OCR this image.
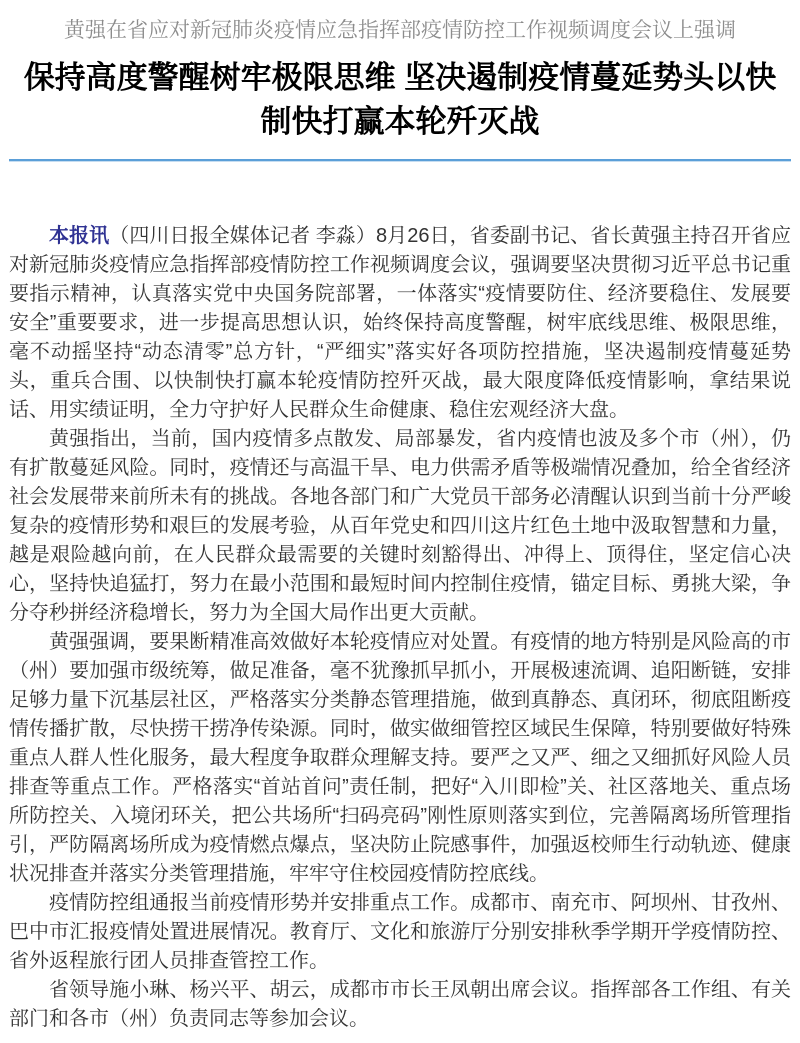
黄强在省应对新冠肺炎疫情应急指挥部疫情防控工作视频调度会议上强调
保持高度警醒树牢极限思维 坚决遏制疫情蔓延势头以快制快打赢本轮歼灭战

本报讯（四川日报全媒体记者 李淼）8月26日，省委副书记、省长黄强主持召开省应对新冠肺炎疫情应急指挥部疫情防控工作视频调度会议，强调要坚决贯彻习近平总书记重要指示精神，认真落实党中央国务院部署，一体落实“疫情要防住、经济要稳住、发展要安全”重要要求，进一步提高思想认识，始终保持高度警醒，树牢底线思维、极限思维，毫不动摇坚持“动态清零”总方针，“严细实”落实好各项防控措施，坚决遏制疫情蔓延势头，重兵合围、以快制快打赢本轮疫情防控歼灭战，最大限度降低疫情影响，拿结果说话、用实绩证明，全力守护好人民群众生命健康、稳住宏观经济大盘。

黄强指出，当前，国内疫情多点散发、局部暴发，省内疫情也波及多个市（州），仍有扩散蔓延风险。同时，疫情还与高温干旱、电力供需矛盾等极端情况叠加，给全省经济社会发展带来前所未有的挑战。各地各部门和广大党员干部务必清醒认识到当前十分严峻复杂的疫情形势和艰巨的发展考验，从百年党史和四川这片红色土地中汲取智慧和力量，越是艰险越向前，在人民群众最需要的关键时刻豁得出、冲得上、顶得住，坚定信心决心，坚持快追猛打，努力在最小范围和最短时间内控制住疫情，锚定目标、勇挑大梁，争分夺秒拼经济稳增长，努力为全国大局作出更大贡献。

黄强强调，要果断精准高效做好本轮疫情应对处置。有疫情的地方特别是风险高的市（州）要加强市级统筹，做足准备，毫不犹豫抓早抓小，开展极速流调、追阳断链，安排足够力量下沉基层社区，严格落实分类静态管理措施，做到真静态、真闭环，彻底阻断疫情传播扩散，尽快捞干捞净传染源。同时，做实做细管控区域民生保障，特别要做好特殊重点人群人性化服务，最大程度争取群众理解支持。要严之又严、细之又细抓好风险人员排查等重点工作。严格落实“首站首问”责任制，把好“入川即检”关、社区落地关、重点场所防控关、入境闭环关，把公共场所“扫码亮码”刚性原则落实到位，完善隔离场所管理指引，严防隔离场所成为疫情燃点爆点，坚决防止院感事件，加强返校师生行动轨迹、健康状况排查并落实分类管理措施，牢牢守住校园疫情防控底线。

疫情防控组通报当前疫情形势并安排重点工作。成都市、南充市、阿坝州、甘孜州、巴中市汇报疫情处置进展情况。教育厅、文化和旅游厅分别安排秋季学期开学疫情防控、省外返程旅行团人员排查管控工作。

省领导施小琳、杨兴平、胡云，成都市市长王凤朝出席会议。指挥部各工作组、有关部门和各市（州）负责同志等参加会议。
